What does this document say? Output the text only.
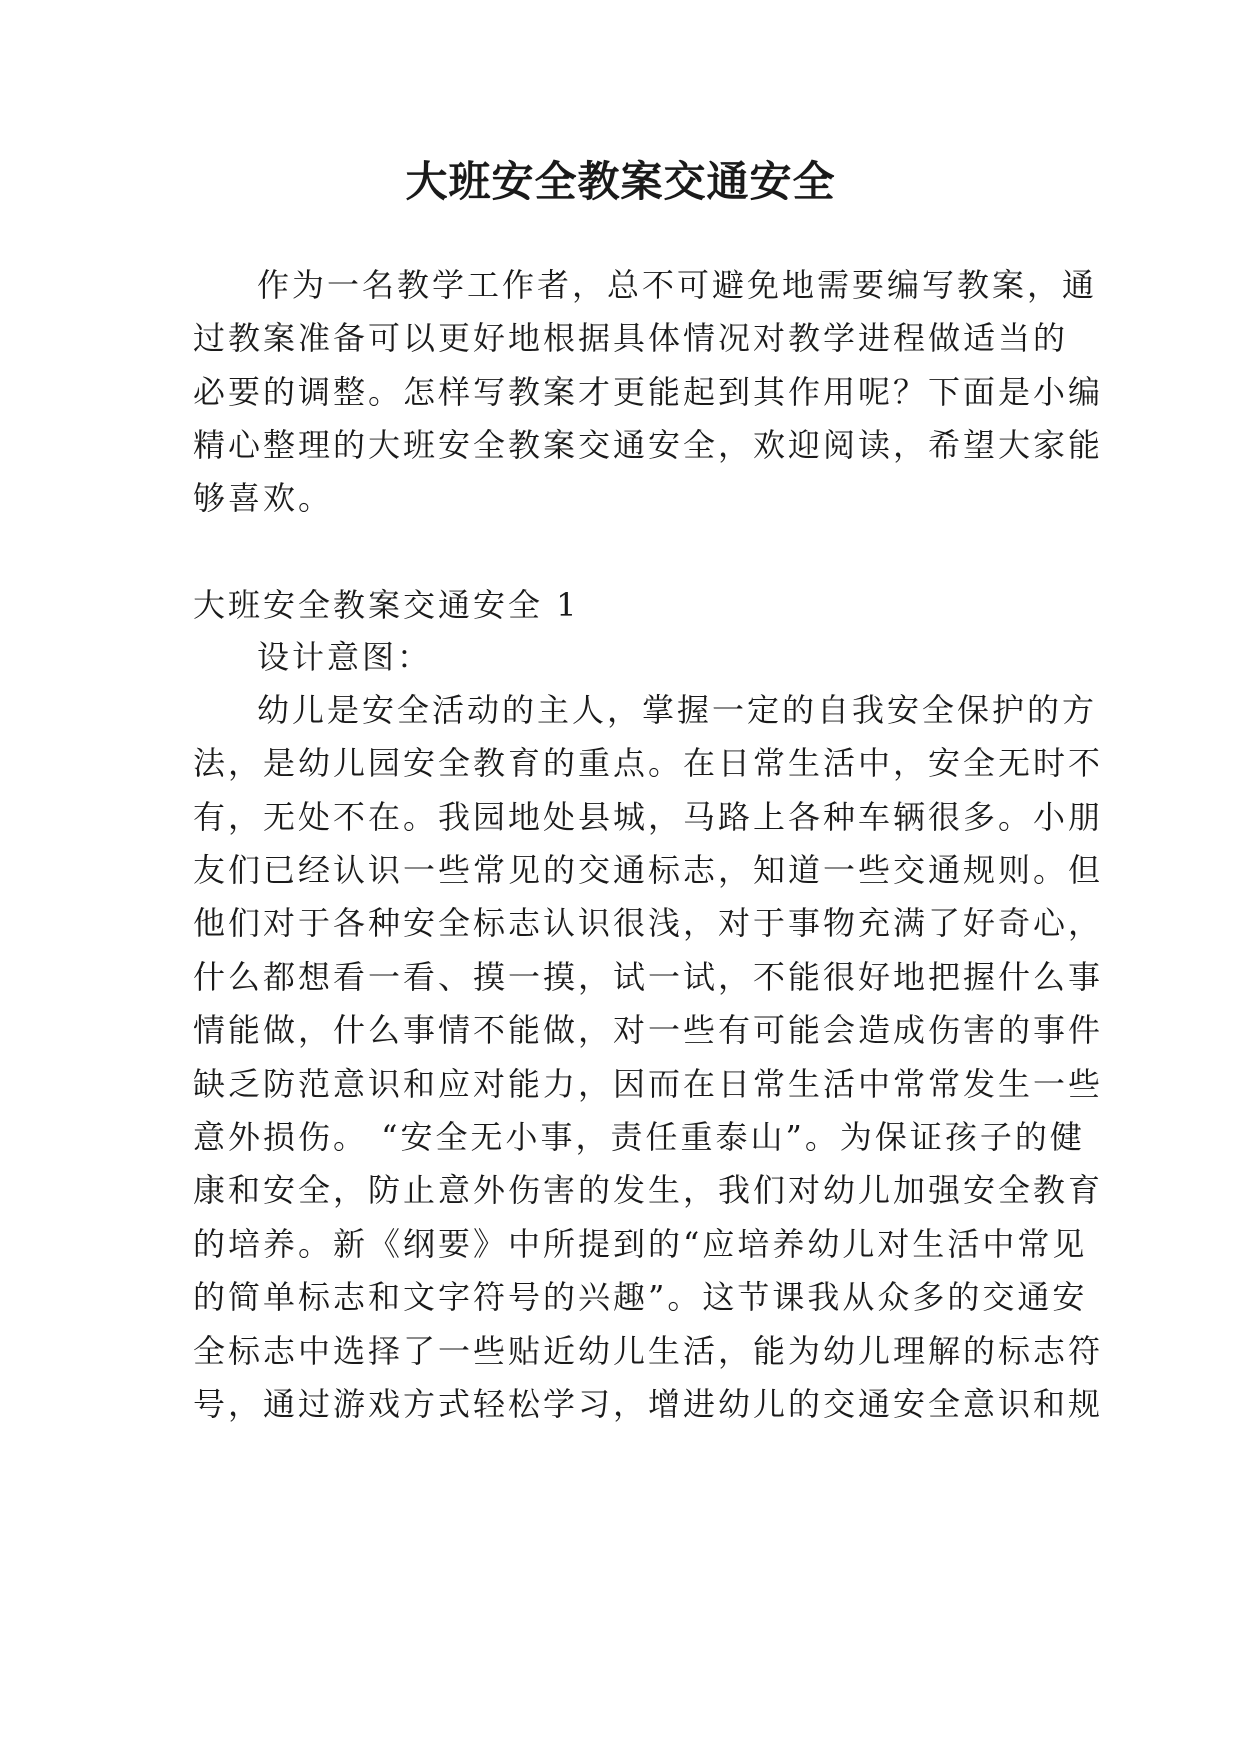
大班安全教案交通安全
作为一名教学工作者，总不可避免地需要编写教案，通
过教案准备可以更好地根据具体情况对教学进程做适当的
必要的调整。怎样写教案才更能起到其作用呢？下面是小编
精心整理的大班安全教案交通安全，欢迎阅读，希望大家能
够喜欢。
大班安全教案交通安全 1
设计意图：
幼儿是安全活动的主人，掌握一定的自我安全保护的方
法，是幼儿园安全教育的重点。在日常生活中，安全无时不
有，无处不在。我园地处县城，马路上各种车辆很多。小朋
友们已经认识一些常见的交通标志，知道一些交通规则。但
他们对于各种安全标志认识很浅，对于事物充满了好奇心，
什么都想看一看、摸一摸，试一试，不能很好地把握什么事
情能做，什么事情不能做，对一些有可能会造成伤害的事件
缺乏防范意识和应对能力，因而在日常生活中常常发生一些
意外损伤。 “安全无小事，责任重泰山”。为保证孩子的健
康和安全，防止意外伤害的发生，我们对幼儿加强安全教育
的培养。新《纲要》中所提到的“应培养幼儿对生活中常见
的简单标志和文字符号的兴趣”。这节课我从众多的交通安
全标志中选择了一些贴近幼儿生活，能为幼儿理解的标志符
号，通过游戏方式轻松学习，增进幼儿的交通安全意识和规
